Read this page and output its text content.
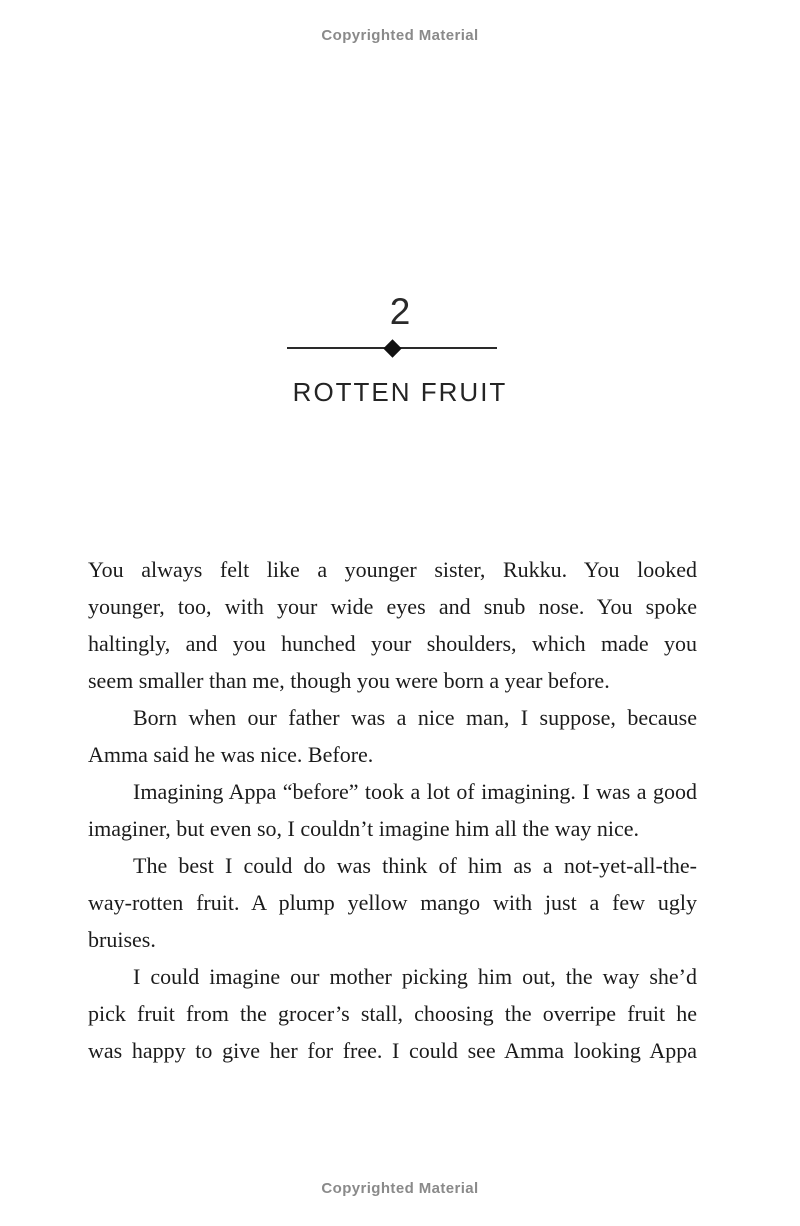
Copyrighted Material
2
ROTTEN FRUIT
You always felt like a younger sister, Rukku. You looked
younger, too, with your wide eyes and snub nose. You spoke
haltingly, and you hunched your shoulders, which made you
seem smaller than me, though you were born a year before.
Born when our father was a nice man, I suppose, because
Amma said he was nice. Before.
Imagining Appa “before” took a lot of imagining. I was a good
imaginer, but even so, I couldn’t imagine him all the way nice.
The best I could do was think of him as a not-yet-all-the-
way-rotten fruit. A plump yellow mango with just a few ugly
bruises.
I could imagine our mother picking him out, the way she’d
pick fruit from the grocer’s stall, choosing the overripe fruit he
was happy to give her for free. I could see Amma looking Appa
Copyrighted Material
